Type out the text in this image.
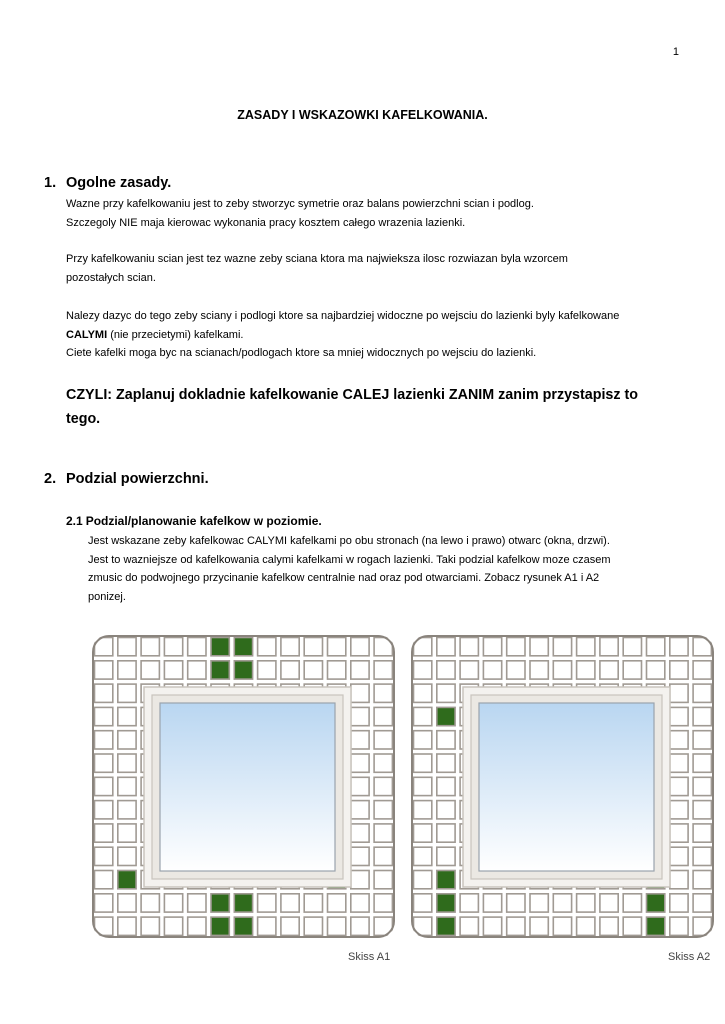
1
ZASADY I WSKAZOWKI KAFELKOWANIA.
1. Ogolne zasady.

Wazne przy kafelkowaniu jest to zeby stworzyc symetrie oraz balans powierzchni scian i podlog.

Szczegoly NIE maja kierowac wykonania pracy kosztem całego wrazenia lazienki.

Przy kafelkowaniu scian jest tez wazne zeby sciana ktora ma najwieksza ilosc rozwiazan byla wzorcem

pozostałych scian.

Nalezy dazyc do tego zeby sciany i podlogi ktore sa najbardziej widoczne po wejsciu do lazienki byly kafelkowane

CALYMI (nie przecietymi) kafelkami.

Ciete kafelki moga byc na scianach/podlogach ktore sa mniej widocznych po wejsciu do lazienki.

CZYLI: Zaplanuj dokladnie kafelkowanie CALEJ lazienki ZANIM zanim przystapisz to
tego.
2. Podzial powierzchni.
2.1 Podzial/planowanie kafelkow w poziomie.
Jest wskazane zeby kafelkowac CALYMI kafelkami po obu stronach (na lewo i prawo) otwarc (okna, drzwi).
Jest to wazniejsze od kafelkowania calymi kafelkami w rogach lazienki. Taki podzial kafelkow moze czasem
zmusic do podwojnego przycinanie kafelkow centralnie nad oraz pod otwarciami. Zobacz rysunek A1 i A2
ponizej.
Skiss A1	Skiss A2
